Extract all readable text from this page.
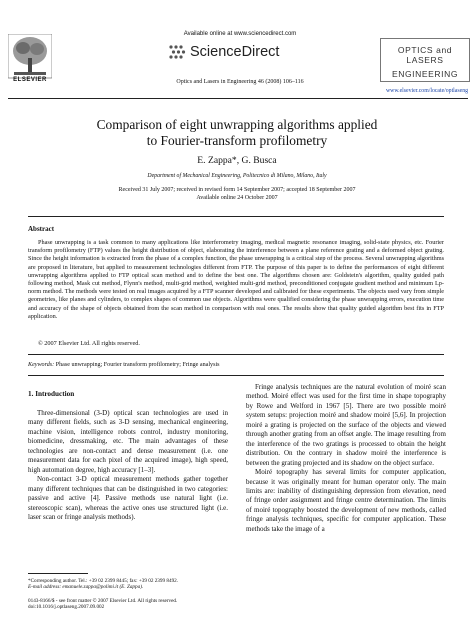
ELSEVIER
Available online at www.sciencedirect.com
ScienceDirect
Optics and Lasers in Engineering 46 (2008) 106–116
OPTICS and LASERS
ENGINEERING
www.elsevier.com/locate/optlaseng
Comparison of eight unwrapping algorithms applied
to Fourier-transform profilometry
E. Zappa*, G. Busca
Department of Mechanical Engineering, Politecnico di Milano, Milano, Italy
Received 31 July 2007; received in revised form 14 September 2007; accepted 18 September 2007
Available online 24 October 2007
Abstract

Phase unwrapping is a task common to many applications like interferometry imaging, medical magnetic resonance imaging, solid-state physics, etc. Fourier transform profilometry (FTP) values the height distribution of object, elaborating the interference between a plane reference grating and a deformed object grating. Since the height information is extracted from the phase of a complex function, the phase unwrapping is a critical step of the process. Several unwrapping algorithms are proposed in literature, but applied to measurement technologies different from FTP. The purpose of this paper is to define the performances of eight different unwrapping algorithms applied to FTP optical scan method and to define the best one. The algorithms chosen are: Goldstein's algorithm, quality guided path following method, Mask cut method, Flynn's method, multi-grid method, weighted multi-grid method, preconditioned conjugate gradient method and minimum Lp-norm method. The methods were tested on real images acquired by a FTP scanner developed and calibrated for these experiments. The objects used vary from simple geometries, like planes and cylinders, to complex shapes of common use objects. Algorithms were qualified considering the phase unwrapping errors, execution time and accuracy of the shape of objects obtained from the scan method in comparison with real ones. The results show that quality guided algorithm best fits in FTP application.

© 2007 Elsevier Ltd. All rights reserved.
Keywords: Phase unwrapping; Fourier transform profilometry; Fringe analysis
1. Introduction

Three-dimensional (3-D) optical scan technologies are used in many different fields, such as 3-D sensing, mechanical engineering, machine vision, intelligence robots control, industry monitoring, biomedicine, dressmaking, etc. The main advantages of these technologies are non-contact and dense measurement (i.e. one measurement data for each pixel of the acquired image), high speed, high automation degree, high accuracy [1–3].

Non-contact 3-D optical measurement methods gather together many different techniques that can be distinguished in two categories: passive and active [4]. Passive methods use natural light (i.e. stereoscopic scan), whereas the active ones use structured light (i.e. laser scan or fringe analysis methods).

*Corresponding author. Tel.: +39 02 2399 8445; fax: +39 02 2399 8492.
E-mail address: emanuele.zappa@polimi.it (E. Zappa).
0143-8166/$ - see front matter © 2007 Elsevier Ltd. All rights reserved.
doi:10.1016/j.optlaseng.2007.09.002

Fringe analysis techniques are the natural evolution of moiré scan method. Moiré effect was used for the first time in shape topography by Rowe and Welford in 1967 [5]. There are two possible moiré system setups: projection moiré and shadow moiré [5,6]. In projection moiré a grating is projected on the surface of the objects and viewed through another grating from an offset angle. The image resulting from the interference of the two gratings is processed to obtain the height distribution. On the contrary in shadow moiré the interference is between the grating projected and its shadow on the object surface.

Moiré topography has several limits for computer application, because it was originally meant for human operator only. The main limits are: inability of distinguishing depression from elevation, need of fringe order assignment and fringe centre determination. The limits of moiré topography boosted the development of new methods, called fringe analysis techniques, specific for computer application. These methods take the image of a
